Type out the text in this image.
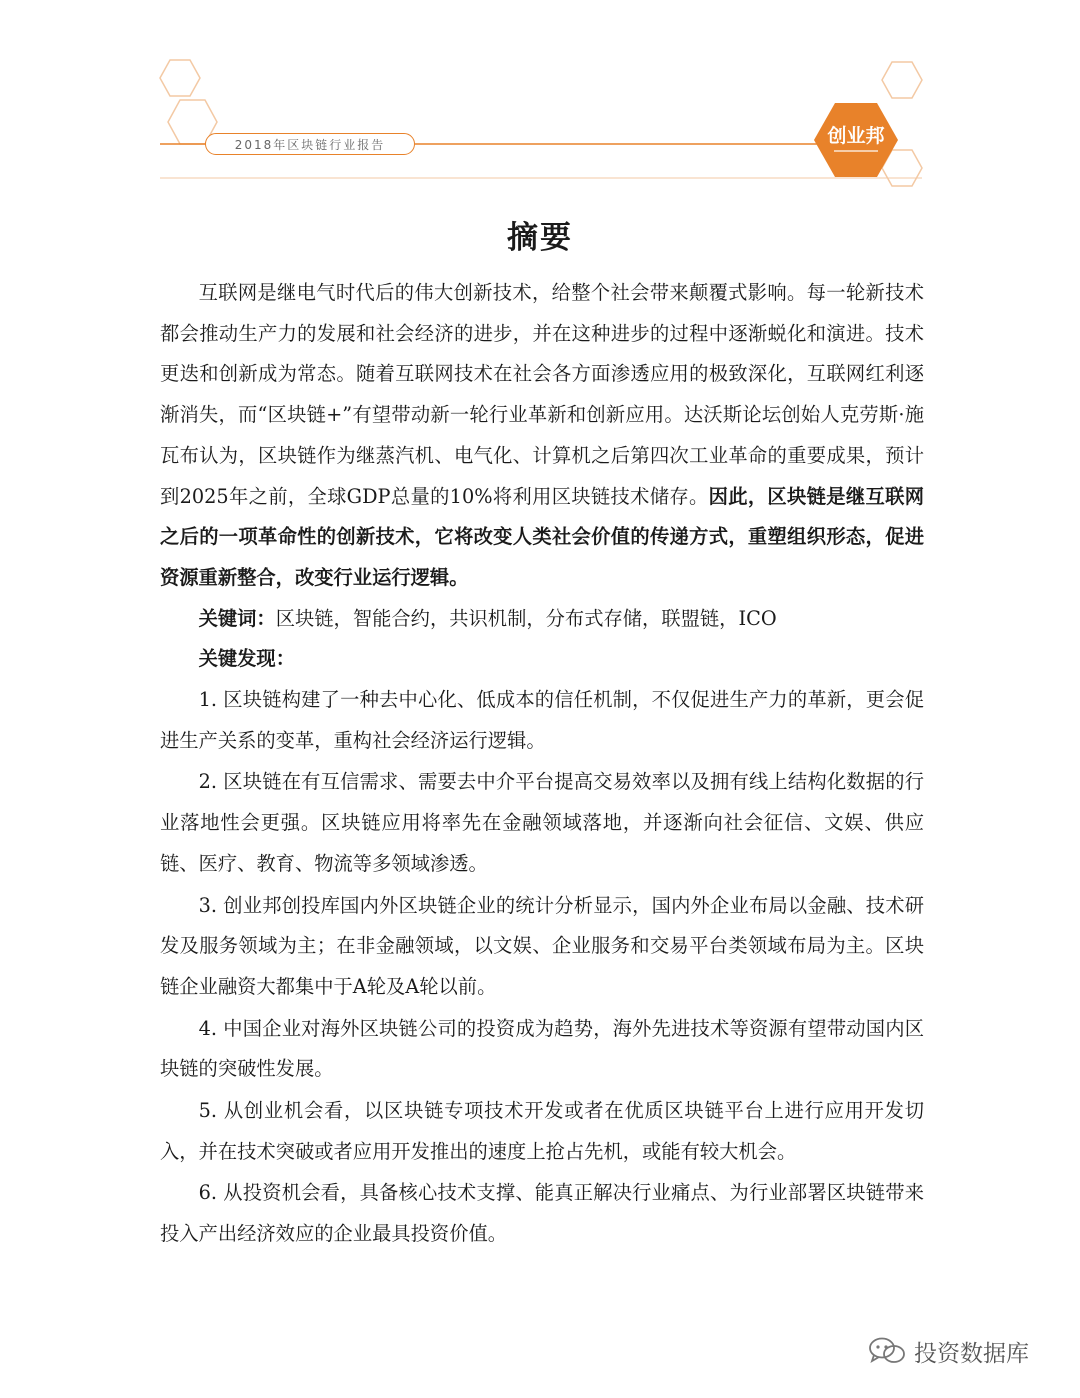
2018年区块链行业报告	创业邦
摘要

互联网是继电气时代后的伟大创新技术，给整个社会带来颠覆式影响。每一轮新技术都会推动生产力的发展和社会经济的进步，并在这种进步的过程中逐渐蜕化和演进。技术更迭和创新成为常态。随着互联网技术在社会各方面渗透应用的极致深化，互联网红利逐渐消失，而“区块链+”有望带动新一轮行业革新和创新应用。达沃斯论坛创始人克劳斯·施瓦布认为，区块链作为继蒸汽机、电气化、计算机之后第四次工业革命的重要成果，预计到2025年之前，全球GDP总量的10%将利用区块链技术储存。因此，区块链是继互联网之后的一项革命性的创新技术，它将改变人类社会价值的传递方式，重塑组织形态，促进资源重新整合，改变行业运行逻辑。

关键词：区块链，智能合约，共识机制，分布式存储，联盟链，ICO

关键发现：

1. 区块链构建了一种去中心化、低成本的信任机制，不仅促进生产力的革新，更会促进生产关系的变革，重构社会经济运行逻辑。

2. 区块链在有互信需求、需要去中介平台提高交易效率以及拥有线上结构化数据的行业落地性会更强。区块链应用将率先在金融领域落地，并逐渐向社会征信、文娱、供应链、医疗、教育、物流等多领域渗透。

3. 创业邦创投库国内外区块链企业的统计分析显示，国内外企业布局以金融、技术研发及服务领域为主；在非金融领域，以文娱、企业服务和交易平台类领域布局为主。区块链企业融资大都集中于A轮及A轮以前。

4. 中国企业对海外区块链公司的投资成为趋势，海外先进技术等资源有望带动国内区块链的突破性发展。

5. 从创业机会看，以区块链专项技术开发或者在优质区块链平台上进行应用开发切入，并在技术突破或者应用开发推出的速度上抢占先机，或能有较大机会。

6. 从投资机会看，具备核心技术支撑、能真正解决行业痛点、为行业部署区块链带来投入产出经济效应的企业最具投资价值。

投资数据库
